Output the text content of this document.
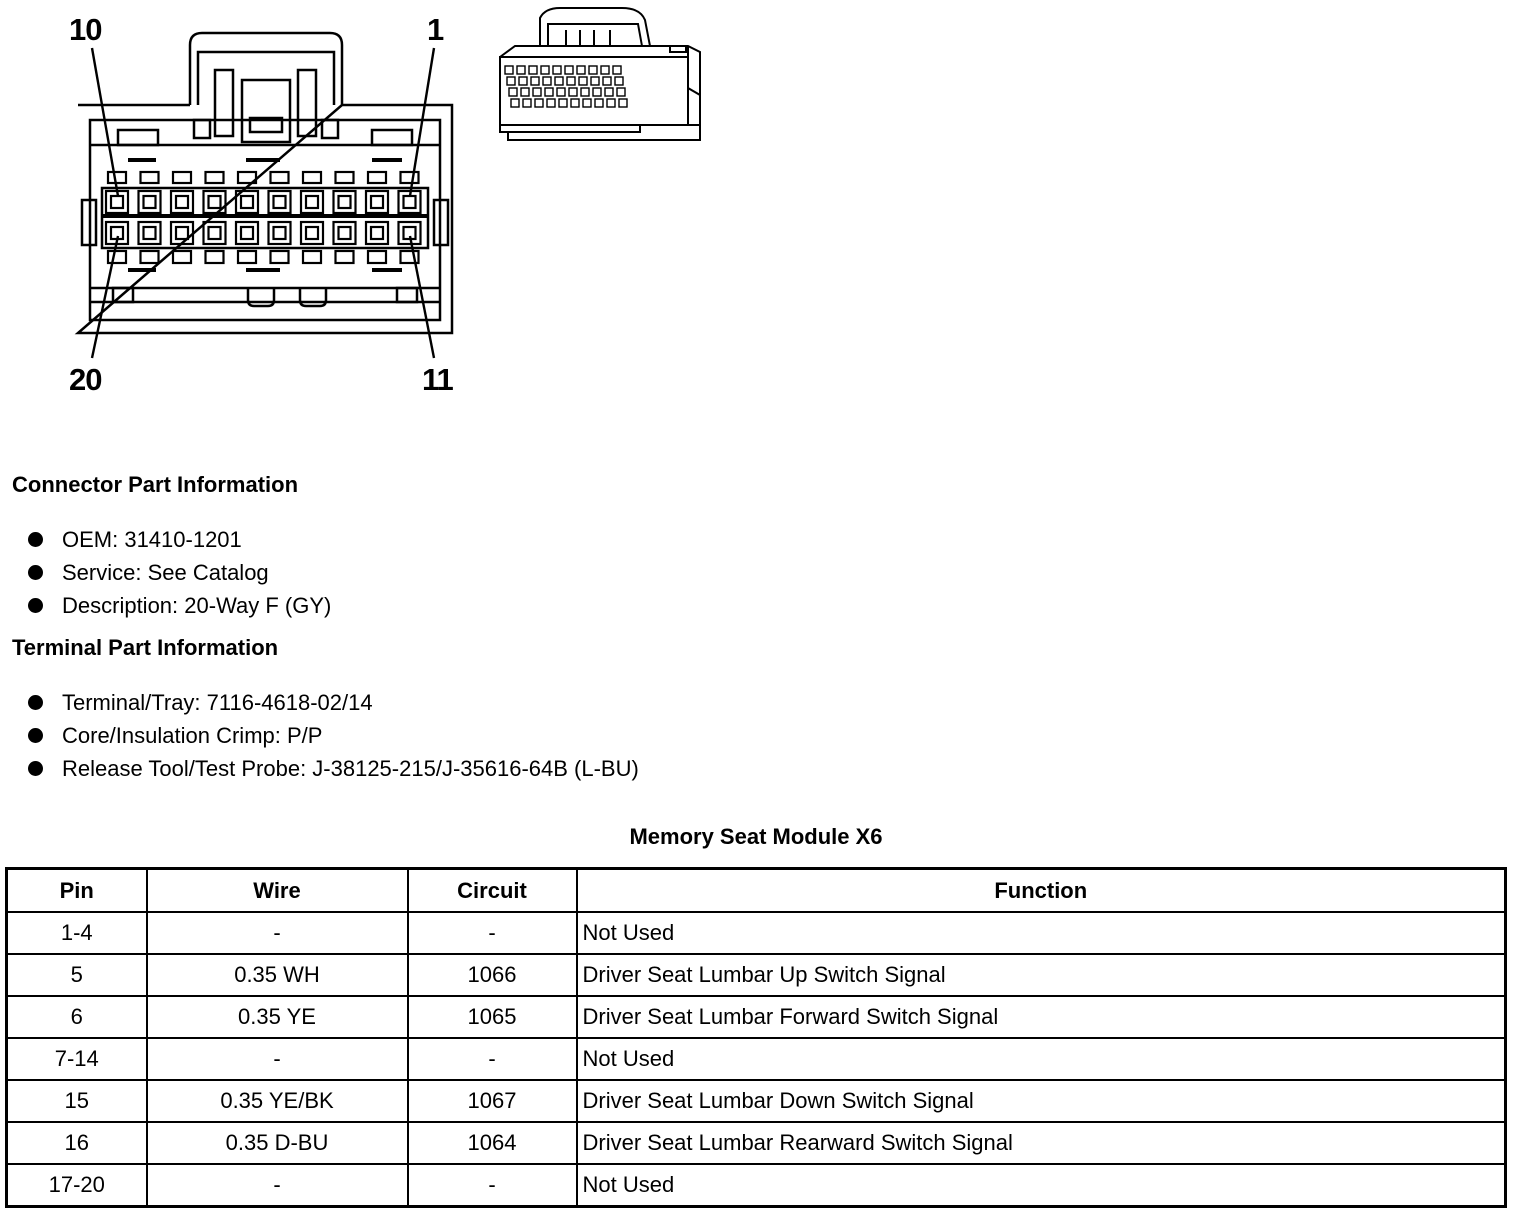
10	1
20	11
Connector Part Information
OEM: 31410-1201
Service: See Catalog
Description: 20-Way F (GY)
Terminal Part Information
Terminal/Tray: 7116-4618-02/14
Core/Insulation Crimp: P/P
Release Tool/Test Probe: J-38125-215/J-35616-64B (L-BU)
Memory Seat Module X6
Pin	Wire	Circuit	Function
1-4	-	-	Not Used
5	0.35 WH	1066	Driver Seat Lumbar Up Switch Signal
6	0.35 YE	1065	Driver Seat Lumbar Forward Switch Signal
7-14	-	-	Not Used
15	0.35 YE/BK	1067	Driver Seat Lumbar Down Switch Signal
16	0.35 D-BU	1064	Driver Seat Lumbar Rearward Switch Signal
17-20	-	-	Not Used
